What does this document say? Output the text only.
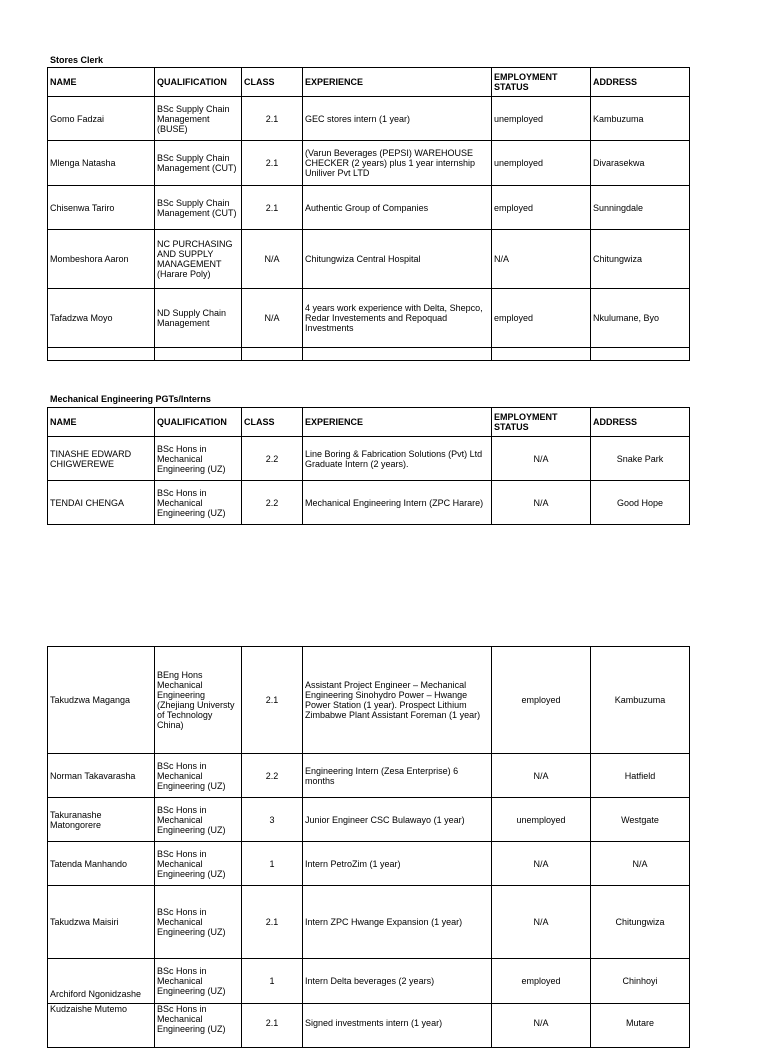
Stores Clerk
NAME	QUALIFICATION	CLASS	EXPERIENCE	EMPLOYMENT STATUS	ADDRESS
Gomo Fadzai	BSc Supply Chain Management (BUSE)	2.1	GEC stores intern (1 year)	unemployed	Kambuzuma
Mlenga Natasha	BSc Supply Chain Management (CUT)	2.1	(Varun Beverages (PEPSI) WAREHOUSE CHECKER (2 years) plus 1 year internship Uniliver Pvt LTD	unemployed	Divarasekwa
Chisenwa Tariro	BSc Supply Chain Management (CUT)	2.1	Authentic Group of Companies	employed	Sunningdale
Mombeshora Aaron	NC PURCHASING AND SUPPLY MANAGEMENT (Harare Poly)	N/A	Chitungwiza Central Hospital	N/A	Chitungwiza
Tafadzwa Moyo	ND Supply Chain Management	N/A	4 years work experience with Delta, Shepco, Redar Investements and Repoquad Investments	employed	Nkulumane, Byo

Mechanical Engineering PGTs/Interns
NAME	QUALIFICATION	CLASS	EXPERIENCE	EMPLOYMENT STATUS	ADDRESS
TINASHE EDWARD CHIGWEREWE	BSc Hons in Mechanical Engineering (UZ)	2.2	Line Boring & Fabrication Solutions (Pvt) Ltd Graduate Intern (2 years).	N/A	Snake Park
TENDAI CHENGA	BSc Hons in Mechanical Engineering (UZ)	2.2	Mechanical Engineering Intern (ZPC Harare)	N/A	Good Hope
Takudzwa Maganga	BEng Hons Mechanical Engineering (Zhejiang Universty of Technology China)	2.1	Assistant Project Engineer – Mechanical Engineering Sinohydro Power – Hwange Power Station (1 year). Prospect Lithium Zimbabwe Plant Assistant Foreman (1 year)	employed	Kambuzuma
Norman Takavarasha	BSc Hons in Mechanical Engineering (UZ)	2.2	Engineering Intern (Zesa Enterprise) 6 months	N/A	Hatfield
Takuranashe Matongorere	BSc Hons in Mechanical Engineering (UZ)	3	Junior Engineer CSC Bulawayo (1 year)	unemployed	Westgate
Tatenda Manhando	BSc Hons in Mechanical Engineering (UZ)	1	Intern PetroZim (1 year)	N/A	N/A
Takudzwa Maisiri	BSc Hons in Mechanical Engineering (UZ)	2.1	Intern ZPC Hwange Expansion (1 year)	N/A	Chitungwiza
Archiford Ngonidzashe	BSc Hons in Mechanical Engineering (UZ)	1	Intern Delta beverages (2 years)	employed	Chinhoyi
Kudzaishe Mutemo	BSc Hons in Mechanical Engineering (UZ)	2.1	Signed investments intern (1 year)	N/A	Mutare
